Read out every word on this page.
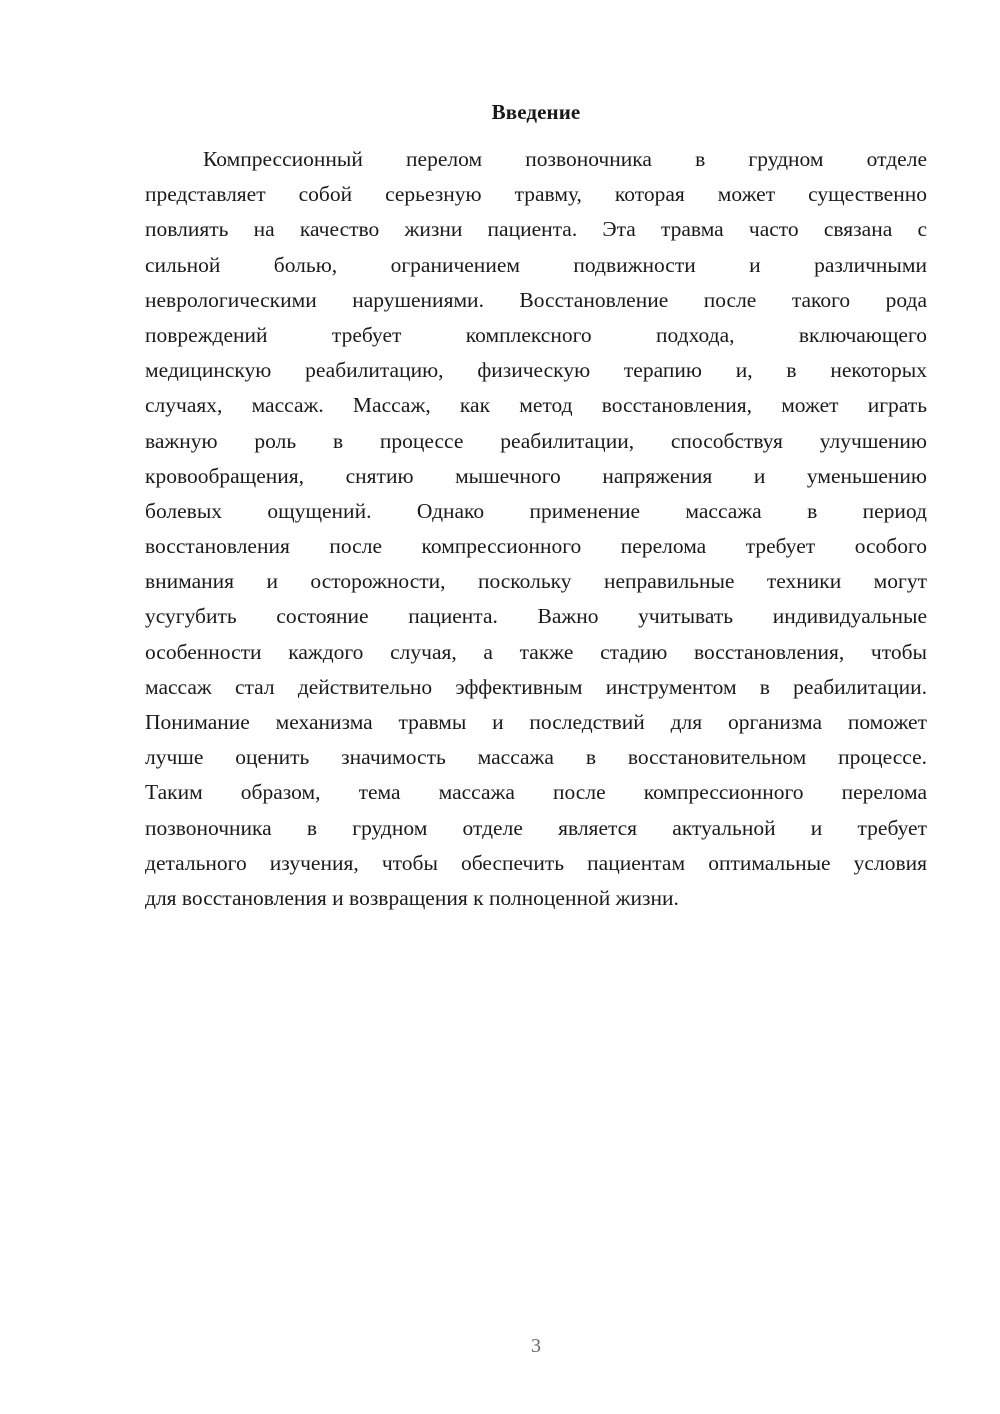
Введение
Компрессионный перелом позвоночника в грудном отделе
представляет собой серьезную травму, которая может существенно
повлиять на качество жизни пациента. Эта травма часто связана с
сильной болью, ограничением подвижности и различными
неврологическими нарушениями. Восстановление после такого рода
повреждений требует комплексного подхода, включающего
медицинскую реабилитацию, физическую терапию и, в некоторых
случаях, массаж. Массаж, как метод восстановления, может играть
важную роль в процессе реабилитации, способствуя улучшению
кровообращения, снятию мышечного напряжения и уменьшению
болевых ощущений. Однако применение массажа в период
восстановления после компрессионного перелома требует особого
внимания и осторожности, поскольку неправильные техники могут
усугубить состояние пациента. Важно учитывать индивидуальные
особенности каждого случая, а также стадию восстановления, чтобы
массаж стал действительно эффективным инструментом в реабилитации.
Понимание механизма травмы и последствий для организма поможет
лучше оценить значимость массажа в восстановительном процессе.
Таким образом, тема массажа после компрессионного перелома
позвоночника в грудном отделе является актуальной и требует
детального изучения, чтобы обеспечить пациентам оптимальные условия
для восстановления и возвращения к полноценной жизни.
3
